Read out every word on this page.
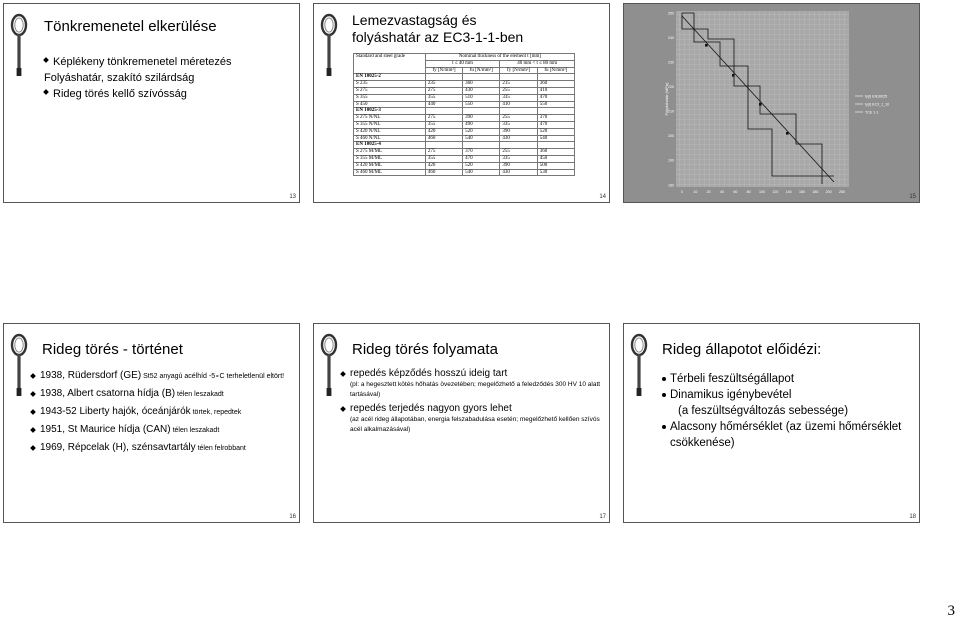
Tönkremenetel elkerülése
Képlékeny tönkremenetel méretezés
Folyáshatár, szakító szilárdság
Rideg törés kellő szívósság
13
Lemezvastagság és
folyáshatár az EC3-1-1-ben
Standard and steel grade	Nominal thickness of the element t [mm]			
	t ≤ 40 mm		40 mm < t ≤ 80 mm	
	fy [N/mm²]	fu [N/mm²]	fy [N/mm²]	fu [N/mm²]
EN 10025-2				
S 235	235	360	215	360
S 275	275	430	255	410
S 355	355	510	335	470
S 450	440	550	410	550
EN 10025-3				
S 275 N/NL	275	390	255	370
S 355 N/NL	355	490	335	470
S 420 N/NL	420	520	390	520
S 460 N/NL	460	540	430	540
EN 10025-4				
S 275 M/ML	275	370	255	360
S 355 M/ML	355	470	335	450
S 420 M/ML	420	520	390	500
S 460 M/ML	460	540	430	530
14
Folyáshatár (MPa)
250
240
230
220
210
200
190
180
0	10	20	40	60	80 100 120 140 160 180 200 250
fy(t) EN10025
fy(t) EC3_1_10
TCE 1-1
15
Rideg törés - történet
1938, Rüdersdorf (GE) St52 anyagú acélhíd -5∘C terheletlenül eltört!
1938, Albert csatorna hídja (B) télen leszakadt
1943-52 Liberty hajók, óceánjárók törtek, repedtek
1951, St Maurice hídja (CAN) télen leszakadt
1969, Répcelak (H), szénsavtartály télen felrobbant
16
Rideg törés folyamata
repedés képződés hosszú ideig tart
(pl: a hegesztett kötés hőhatás övezetében; megelőzhető a feledződés 300 HV 10 alatt tartásával)
repedés terjedés nagyon gyors lehet
(az acél rideg állapotában, energia felszabadulása esetén; megelőzhető kellően szívós acél alkalmazásával)
17
Rideg állapotot előidézi:
Térbeli feszültségállapot
Dinamikus igénybevétel
(a feszültségváltozás sebessége)
Alacsony hőmérséklet (az üzemi hőmérséklet csökkenése)
18
3
